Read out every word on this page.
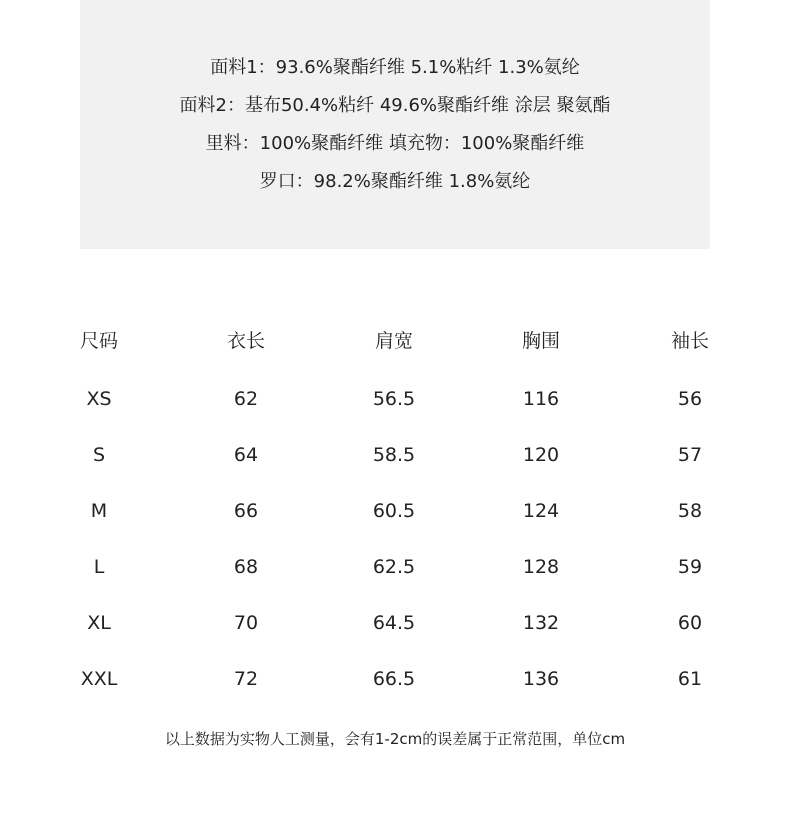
面料1：93.6%聚酯纤维 5.1%粘纤 1.3%氨纶
面料2：基布50.4%粘纤 49.6%聚酯纤维 涂层 聚氨酯
里料：100%聚酯纤维 填充物：100%聚酯纤维
罗口：98.2%聚酯纤维 1.8%氨纶
尺码	衣长	肩宽	胸围	袖长
XS	62	56.5	116	56
S	64	58.5	120	57
M	66	60.5	124	58
L	68	62.5	128	59
XL	70	64.5	132	60
XXL	72	66.5	136	61
以上数据为实物人工测量，会有1-2cm的误差属于正常范围，单位cm
